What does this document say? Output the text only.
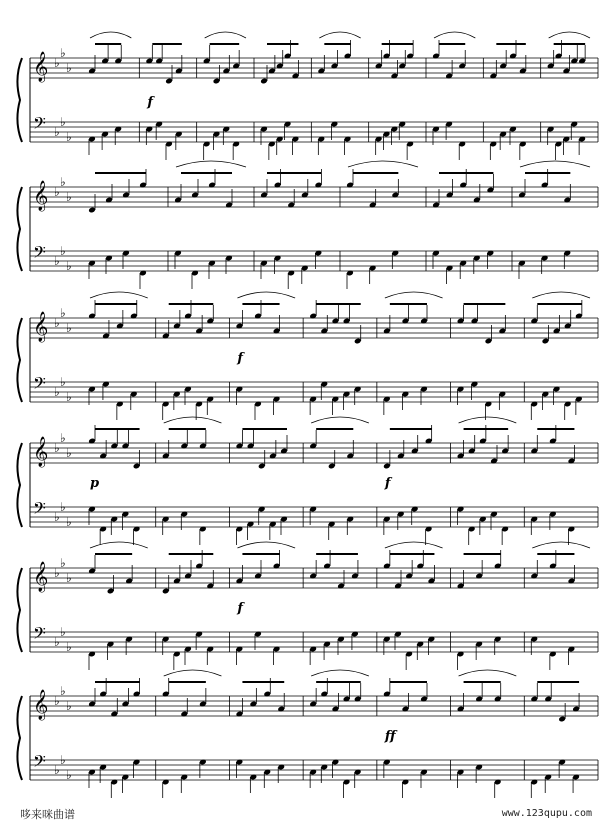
𝄞 ♭
♭
♭
𝄢 ♭
♭
♭
f
𝄞 ♭
♭
♭
𝄢 ♭
♭
♭
𝄞 ♭
♭
♭
𝄢 ♭
♭
♭
f
𝄞 ♭
♭
♭
𝄢 ♭
♭
♭
p	f
𝄞 ♭
♭
♭
𝄢 ♭
♭
♭
f
𝄞 ♭
♭
♭
𝄢 ♭
♭
♭
ff
哆来咪曲谱	www.123qupu.com
